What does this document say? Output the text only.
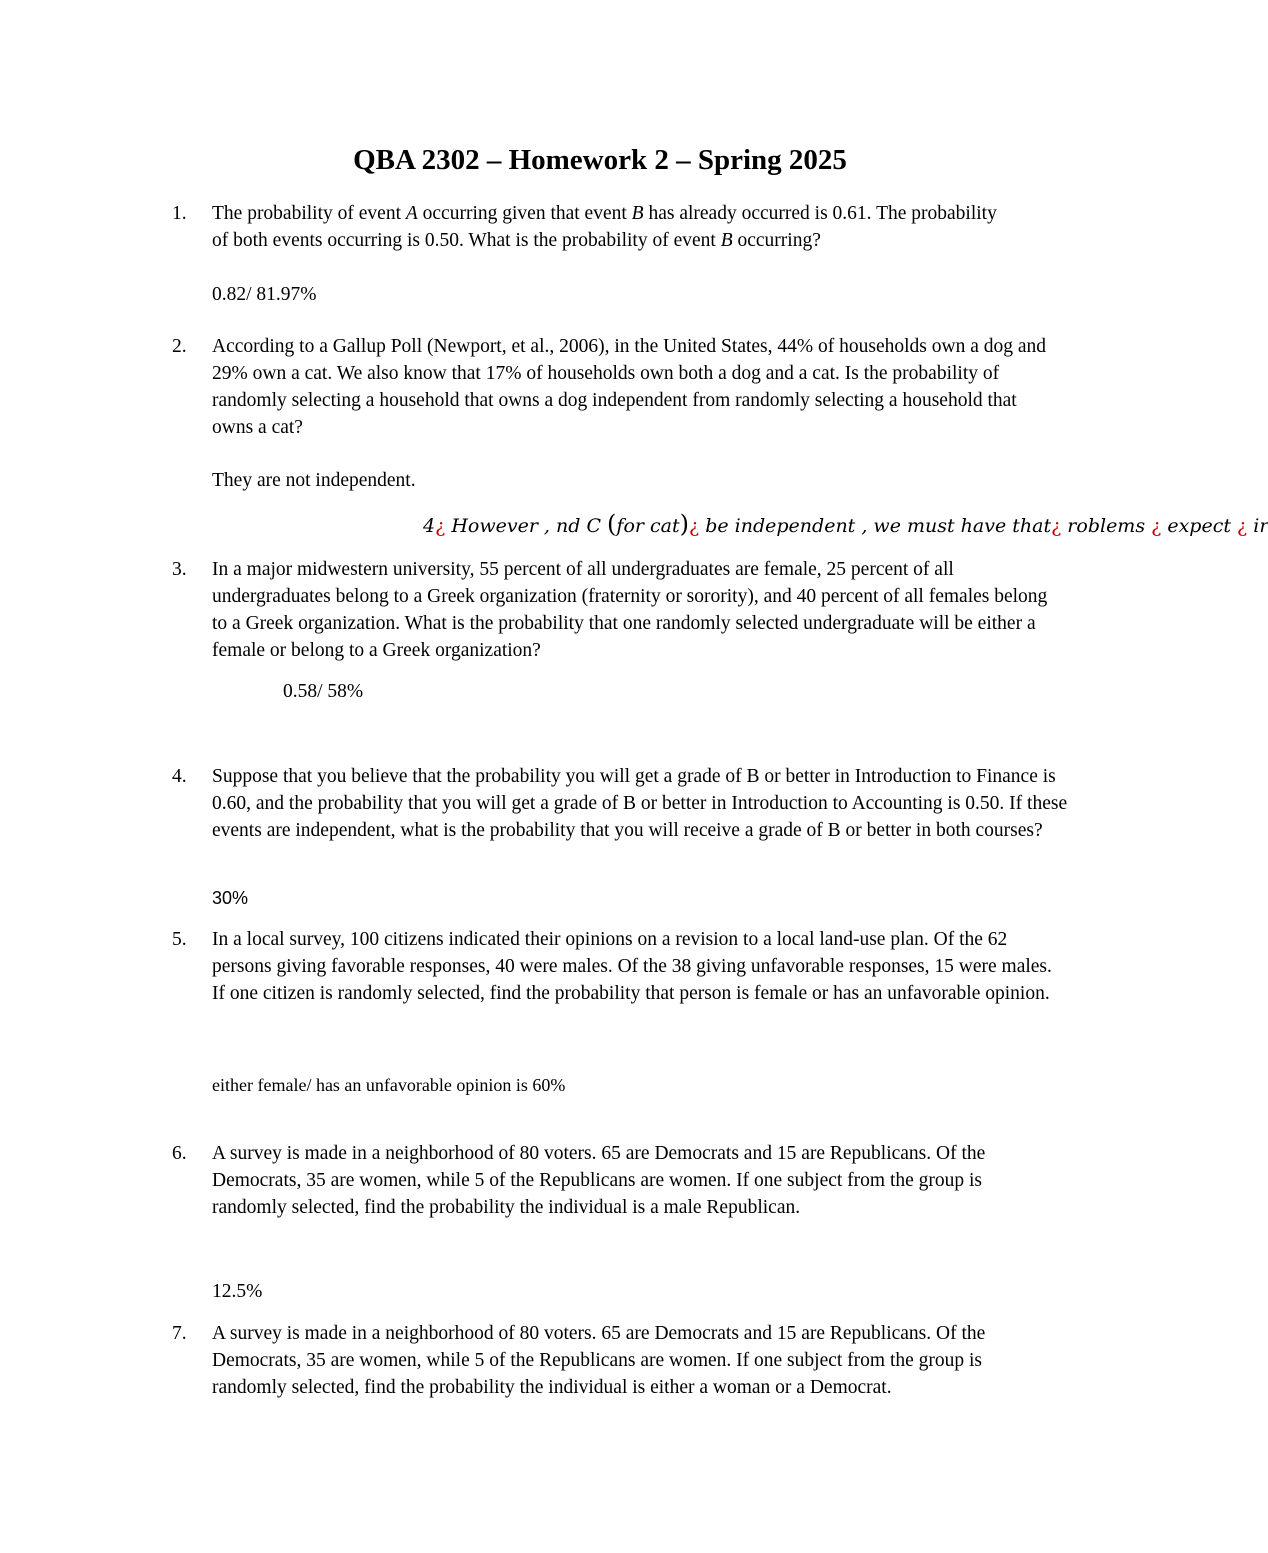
QBA 2302 – Homework 2 – Spring 2025
1. The probability of event A occurring given that event B has already occurred is 0.61. The probability of both events occurring is 0.50. What is the probability of event B occurring?
0.82/ 81.97%
2. According to a Gallup Poll (Newport, et al., 2006), in the United States, 44% of households own a dog and 29% own a cat. We also know that 17% of households own both a dog and a cat. Is the probability of randomly selecting a household that owns a dog independent from randomly selecting a household that owns a cat?
They are not independent.
4¿ However , nd C (for cat)¿ be independent , we must have that¿ roblems ¿ expect ¿ ir
3. In a major midwestern university, 55 percent of all undergraduates are female, 25 percent of all undergraduates belong to a Greek organization (fraternity or sorority), and 40 percent of all females belong to a Greek organization. What is the probability that one randomly selected undergraduate will be either a female or belong to a Greek organization?
0.58/ 58%
4. Suppose that you believe that the probability you will get a grade of B or better in Introduction to Finance is 0.60, and the probability that you will get a grade of B or better in Introduction to Accounting is 0.50. If these events are independent, what is the probability that you will receive a grade of B or better in both courses?
30%
5. In a local survey, 100 citizens indicated their opinions on a revision to a local land-use plan. Of the 62 persons giving favorable responses, 40 were males. Of the 38 giving unfavorable responses, 15 were males. If one citizen is randomly selected, find the probability that person is female or has an unfavorable opinion.
either female/ has an unfavorable opinion is 60%
6. A survey is made in a neighborhood of 80 voters. 65 are Democrats and 15 are Republicans. Of the Democrats, 35 are women, while 5 of the Republicans are women. If one subject from the group is randomly selected, find the probability the individual is a male Republican.
12.5%
7. A survey is made in a neighborhood of 80 voters. 65 are Democrats and 15 are Republicans. Of the Democrats, 35 are women, while 5 of the Republicans are women. If one subject from the group is randomly selected, find the probability the individual is either a woman or a Democrat.
